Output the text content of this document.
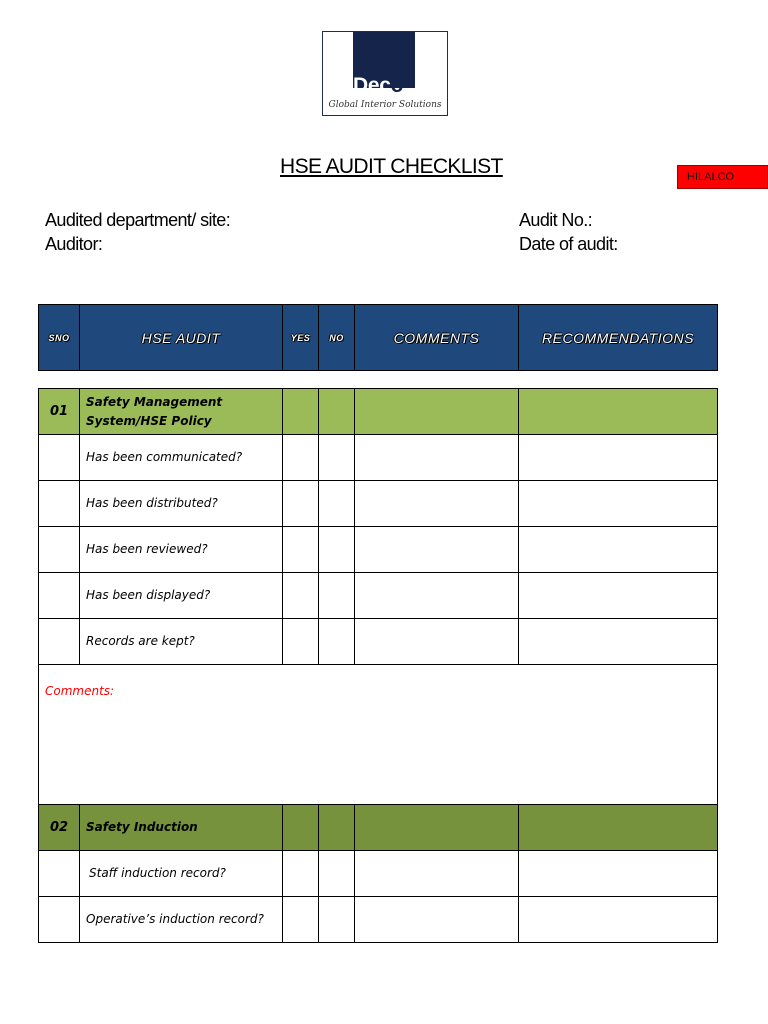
Deco
Global Interior Solutions
HSE AUDIT CHECKLIST	HILALCO
Audited department/ site:
Auditor:
Audit No.:
Date of audit:
SNO	HSE AUDIT	YES	NO	COMMENTS	RECOMMENDATIONS
01	Safety Management
System/HSE Policy				

	Has been communicated?				
	Has been distributed?				
	Has been reviewed?				
	Has been displayed?				
	Records are kept?				
Comments:					
02	Safety Induction				
	Staff induction record?				
	Operative’s induction record?				
